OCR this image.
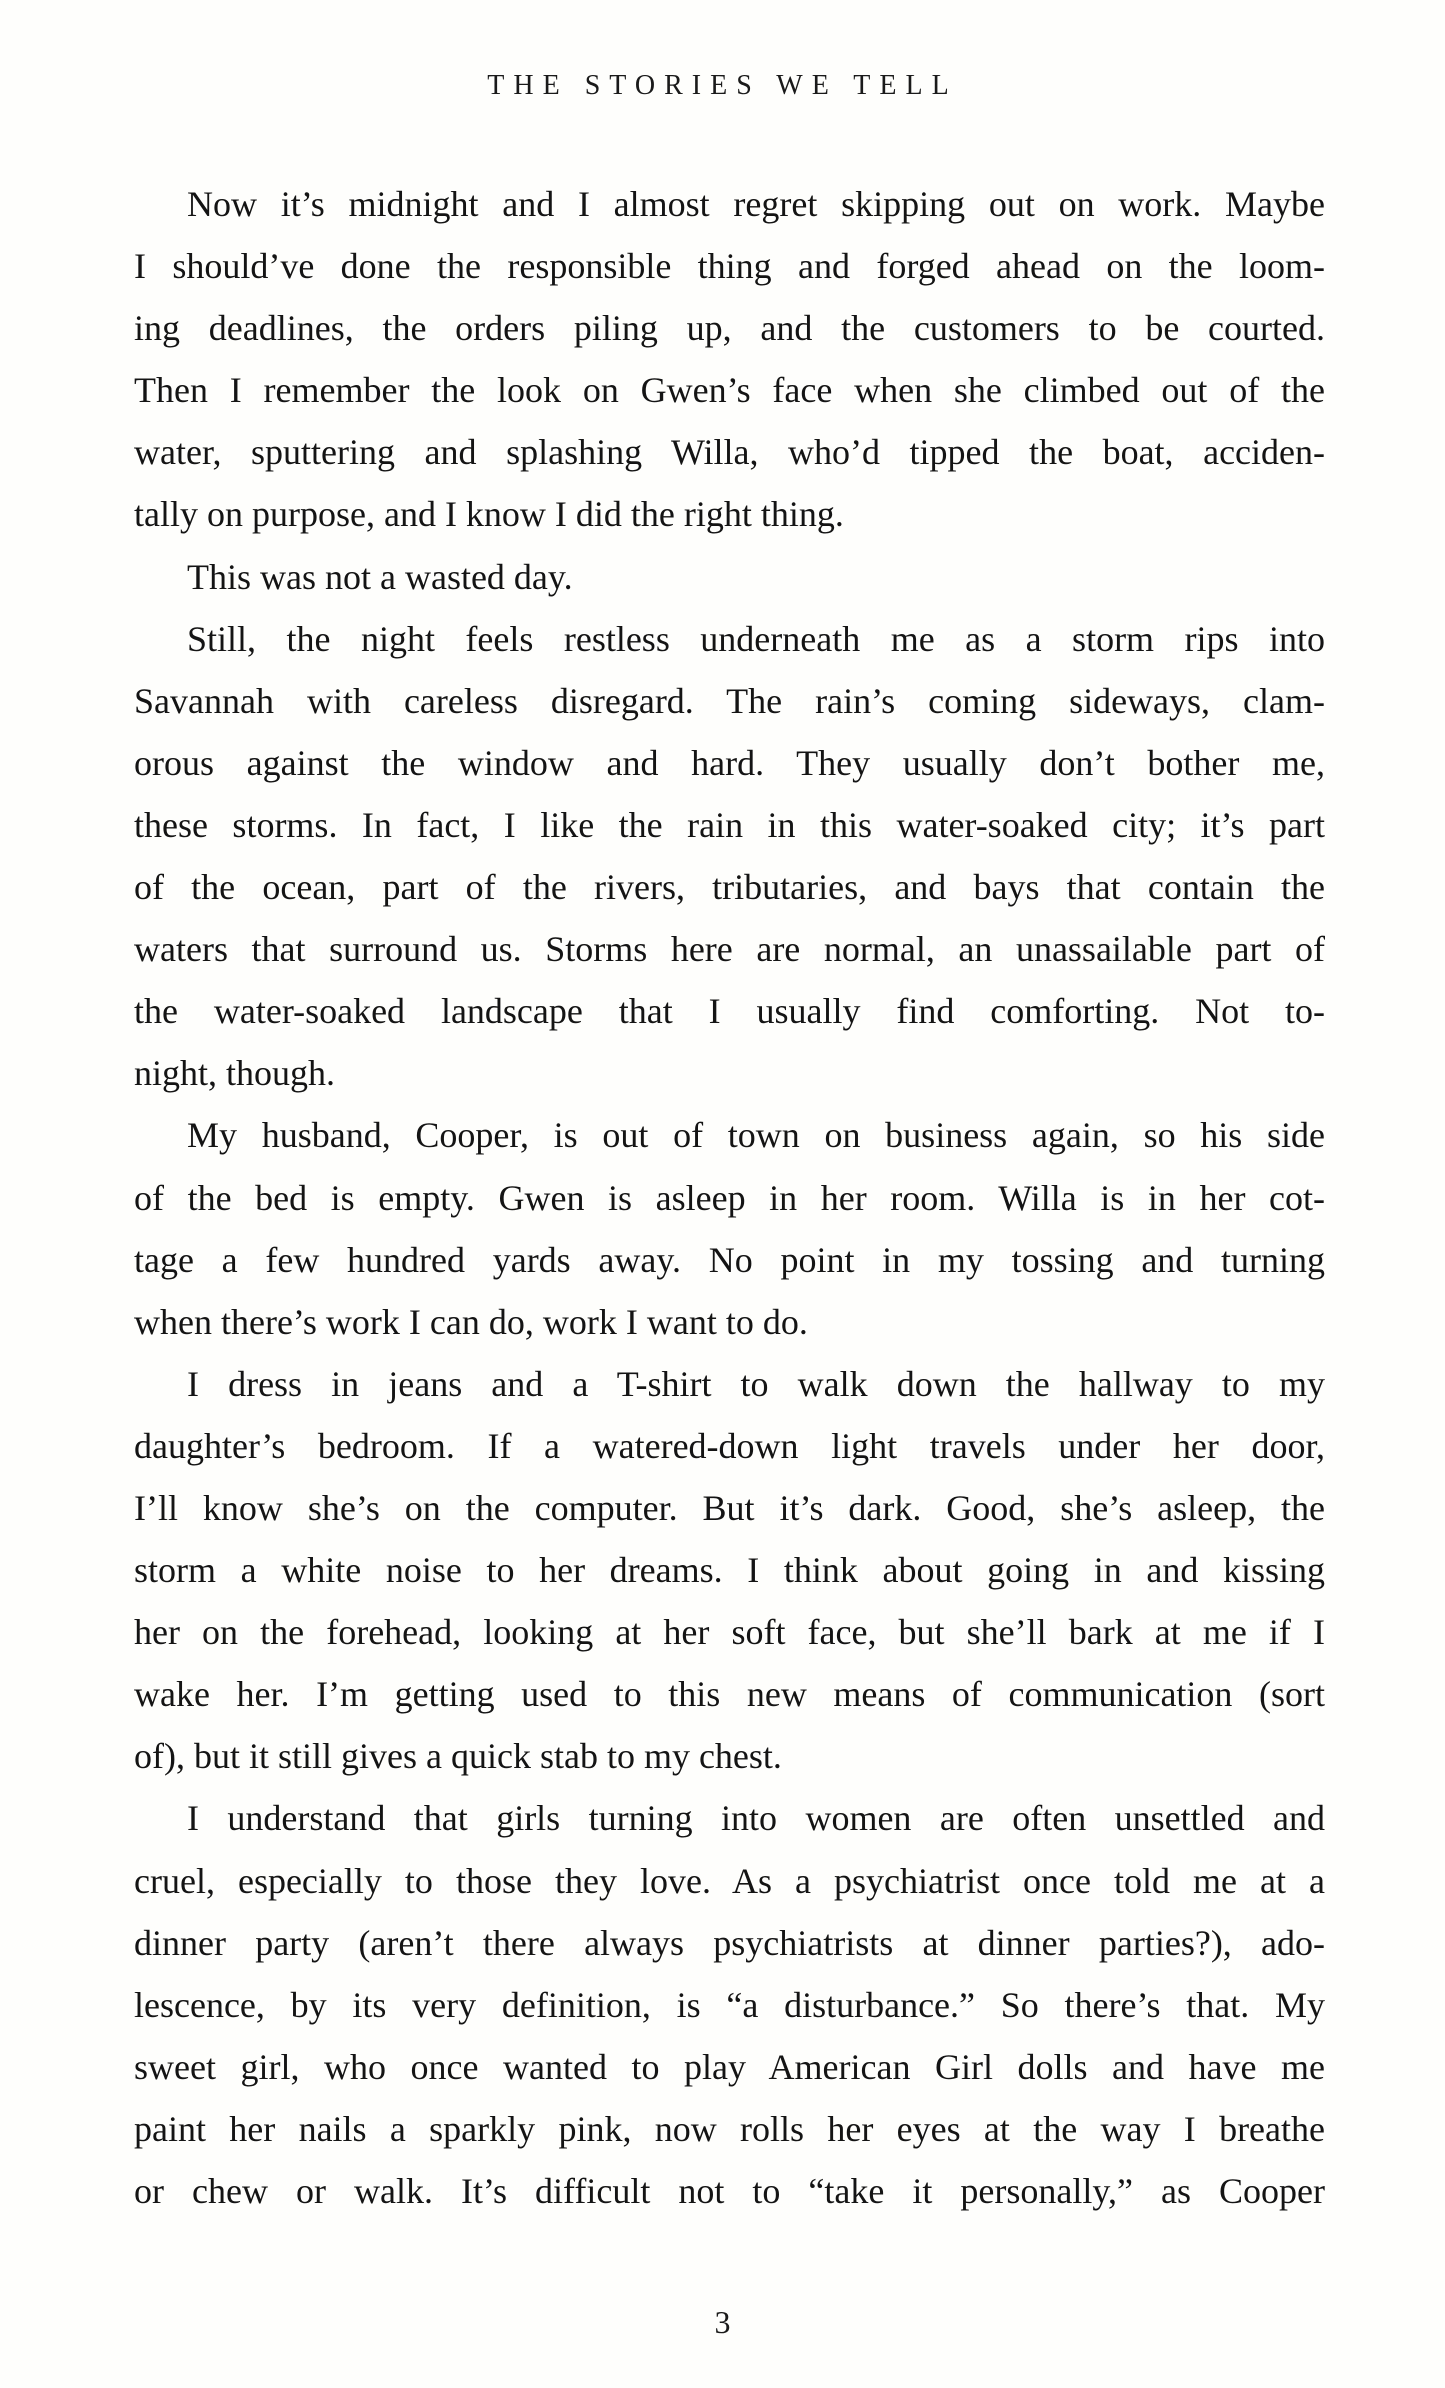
THE STORIES WE TELL
Now it’s midnight and I almost regret skipping out on work. Maybe
I should’ve done the responsible thing and forged ahead on the loom-
ing deadlines, the orders piling up, and the customers to be courted.
Then I remember the look on Gwen’s face when she climbed out of the
water, sputtering and splashing Willa, who’d tipped the boat, acciden-
tally on purpose, and I know I did the right thing.
This was not a wasted day.
Still, the night feels restless underneath me as a storm rips into
Savannah with careless disregard. The rain’s coming sideways, clam-
orous against the window and hard. They usually don’t bother me,
these storms. In fact, I like the rain in this water-soaked city; it’s part
of the ocean, part of the rivers, tributaries, and bays that contain the
waters that surround us. Storms here are normal, an unassailable part of
the water-soaked landscape that I usually find comforting. Not to-
night, though.
My husband, Cooper, is out of town on business again, so his side
of the bed is empty. Gwen is asleep in her room. Willa is in her cot-
tage a few hundred yards away. No point in my tossing and turning
when there’s work I can do, work I want to do.
I dress in jeans and a T-shirt to walk down the hallway to my
daughter’s bedroom. If a watered-down light travels under her door,
I’ll know she’s on the computer. But it’s dark. Good, she’s asleep, the
storm a white noise to her dreams. I think about going in and kissing
her on the forehead, looking at her soft face, but she’ll bark at me if I
wake her. I’m getting used to this new means of communication (sort
of), but it still gives a quick stab to my chest.
I understand that girls turning into women are often unsettled and
cruel, especially to those they love. As a psychiatrist once told me at a
dinner party (aren’t there always psychiatrists at dinner parties?), ado-
lescence, by its very definition, is “a disturbance.” So there’s that. My
sweet girl, who once wanted to play American Girl dolls and have me
paint her nails a sparkly pink, now rolls her eyes at the way I breathe
or chew or walk. It’s difficult not to “take it personally,” as Cooper
3
